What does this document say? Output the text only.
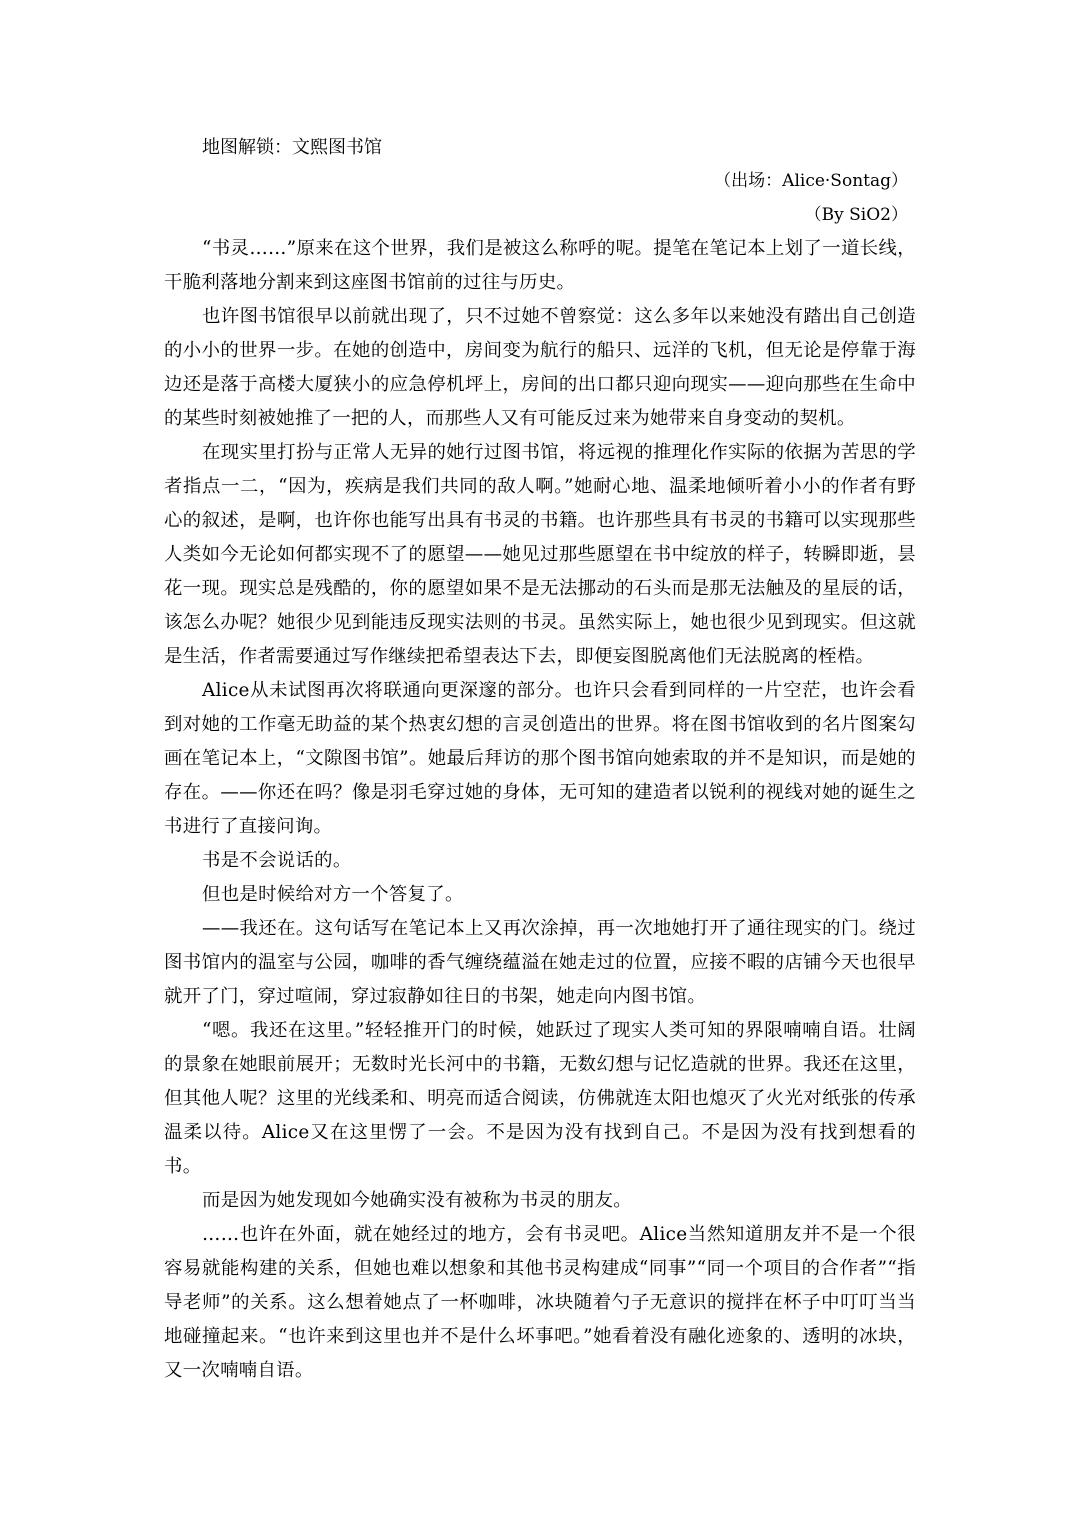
地图解锁：文熙图书馆

（出场：Alice·Sontag）

（By SiO2）

“书灵……”原来在这个世界，我们是被这么称呼的呢。提笔在笔记本上划了一道长线，干脆利落地分割来到这座图书馆前的过往与历史。

也许图书馆很早以前就出现了，只不过她不曾察觉：这么多年以来她没有踏出自己创造的小小的世界一步。在她的创造中，房间变为航行的船只、远洋的飞机，但无论是停靠于海边还是落于高楼大厦狭小的应急停机坪上，房间的出口都只迎向现实——迎向那些在生命中的某些时刻被她推了一把的人，而那些人又有可能反过来为她带来自身变动的契机。

在现实里打扮与正常人无异的她行过图书馆，将远视的推理化作实际的依据为苦思的学者指点一二，“因为，疾病是我们共同的敌人啊。”她耐心地、温柔地倾听着小小的作者有野心的叙述，是啊，也许你也能写出具有书灵的书籍。也许那些具有书灵的书籍可以实现那些人类如今无论如何都实现不了的愿望——她见过那些愿望在书中绽放的样子，转瞬即逝，昙花一现。现实总是残酷的，你的愿望如果不是无法挪动的石头而是那无法触及的星辰的话，该怎么办呢？她很少见到能违反现实法则的书灵。虽然实际上，她也很少见到现实。但这就是生活，作者需要通过写作继续把希望表达下去，即便妄图脱离他们无法脱离的桎梏。

Alice从未试图再次将联通向更深邃的部分。也许只会看到同样的一片空茫，也许会看到对她的工作毫无助益的某个热衷幻想的言灵创造出的世界。将在图书馆收到的名片图案勾画在笔记本上，“文隙图书馆”。她最后拜访的那个图书馆向她索取的并不是知识，而是她的存在。——你还在吗？像是羽毛穿过她的身体，无可知的建造者以锐利的视线对她的诞生之书进行了直接问询。

书是不会说话的。

但也是时候给对方一个答复了。

——我还在。这句话写在笔记本上又再次涂掉，再一次地她打开了通往现实的门。绕过图书馆内的温室与公园，咖啡的香气缠绕蕴溢在她走过的位置，应接不暇的店铺今天也很早就开了门，穿过喧闹，穿过寂静如往日的书架，她走向内图书馆。

“嗯。我还在这里。”轻轻推开门的时候，她跃过了现实人类可知的界限喃喃自语。壮阔的景象在她眼前展开；无数时光长河中的书籍，无数幻想与记忆造就的世界。我还在这里，但其他人呢？这里的光线柔和、明亮而适合阅读，仿佛就连太阳也熄灭了火光对纸张的传承温柔以待。Alice又在这里愣了一会。不是因为没有找到自己。不是因为没有找到想看的书。

而是因为她发现如今她确实没有被称为书灵的朋友。

……也许在外面，就在她经过的地方，会有书灵吧。Alice当然知道朋友并不是一个很容易就能构建的关系，但她也难以想象和其他书灵构建成“同事”“同一个项目的合作者”“指导老师”的关系。这么想着她点了一杯咖啡，冰块随着勺子无意识的搅拌在杯子中叮叮当当地碰撞起来。“也许来到这里也并不是什么坏事吧。”她看着没有融化迹象的、透明的冰块，又一次喃喃自语。
